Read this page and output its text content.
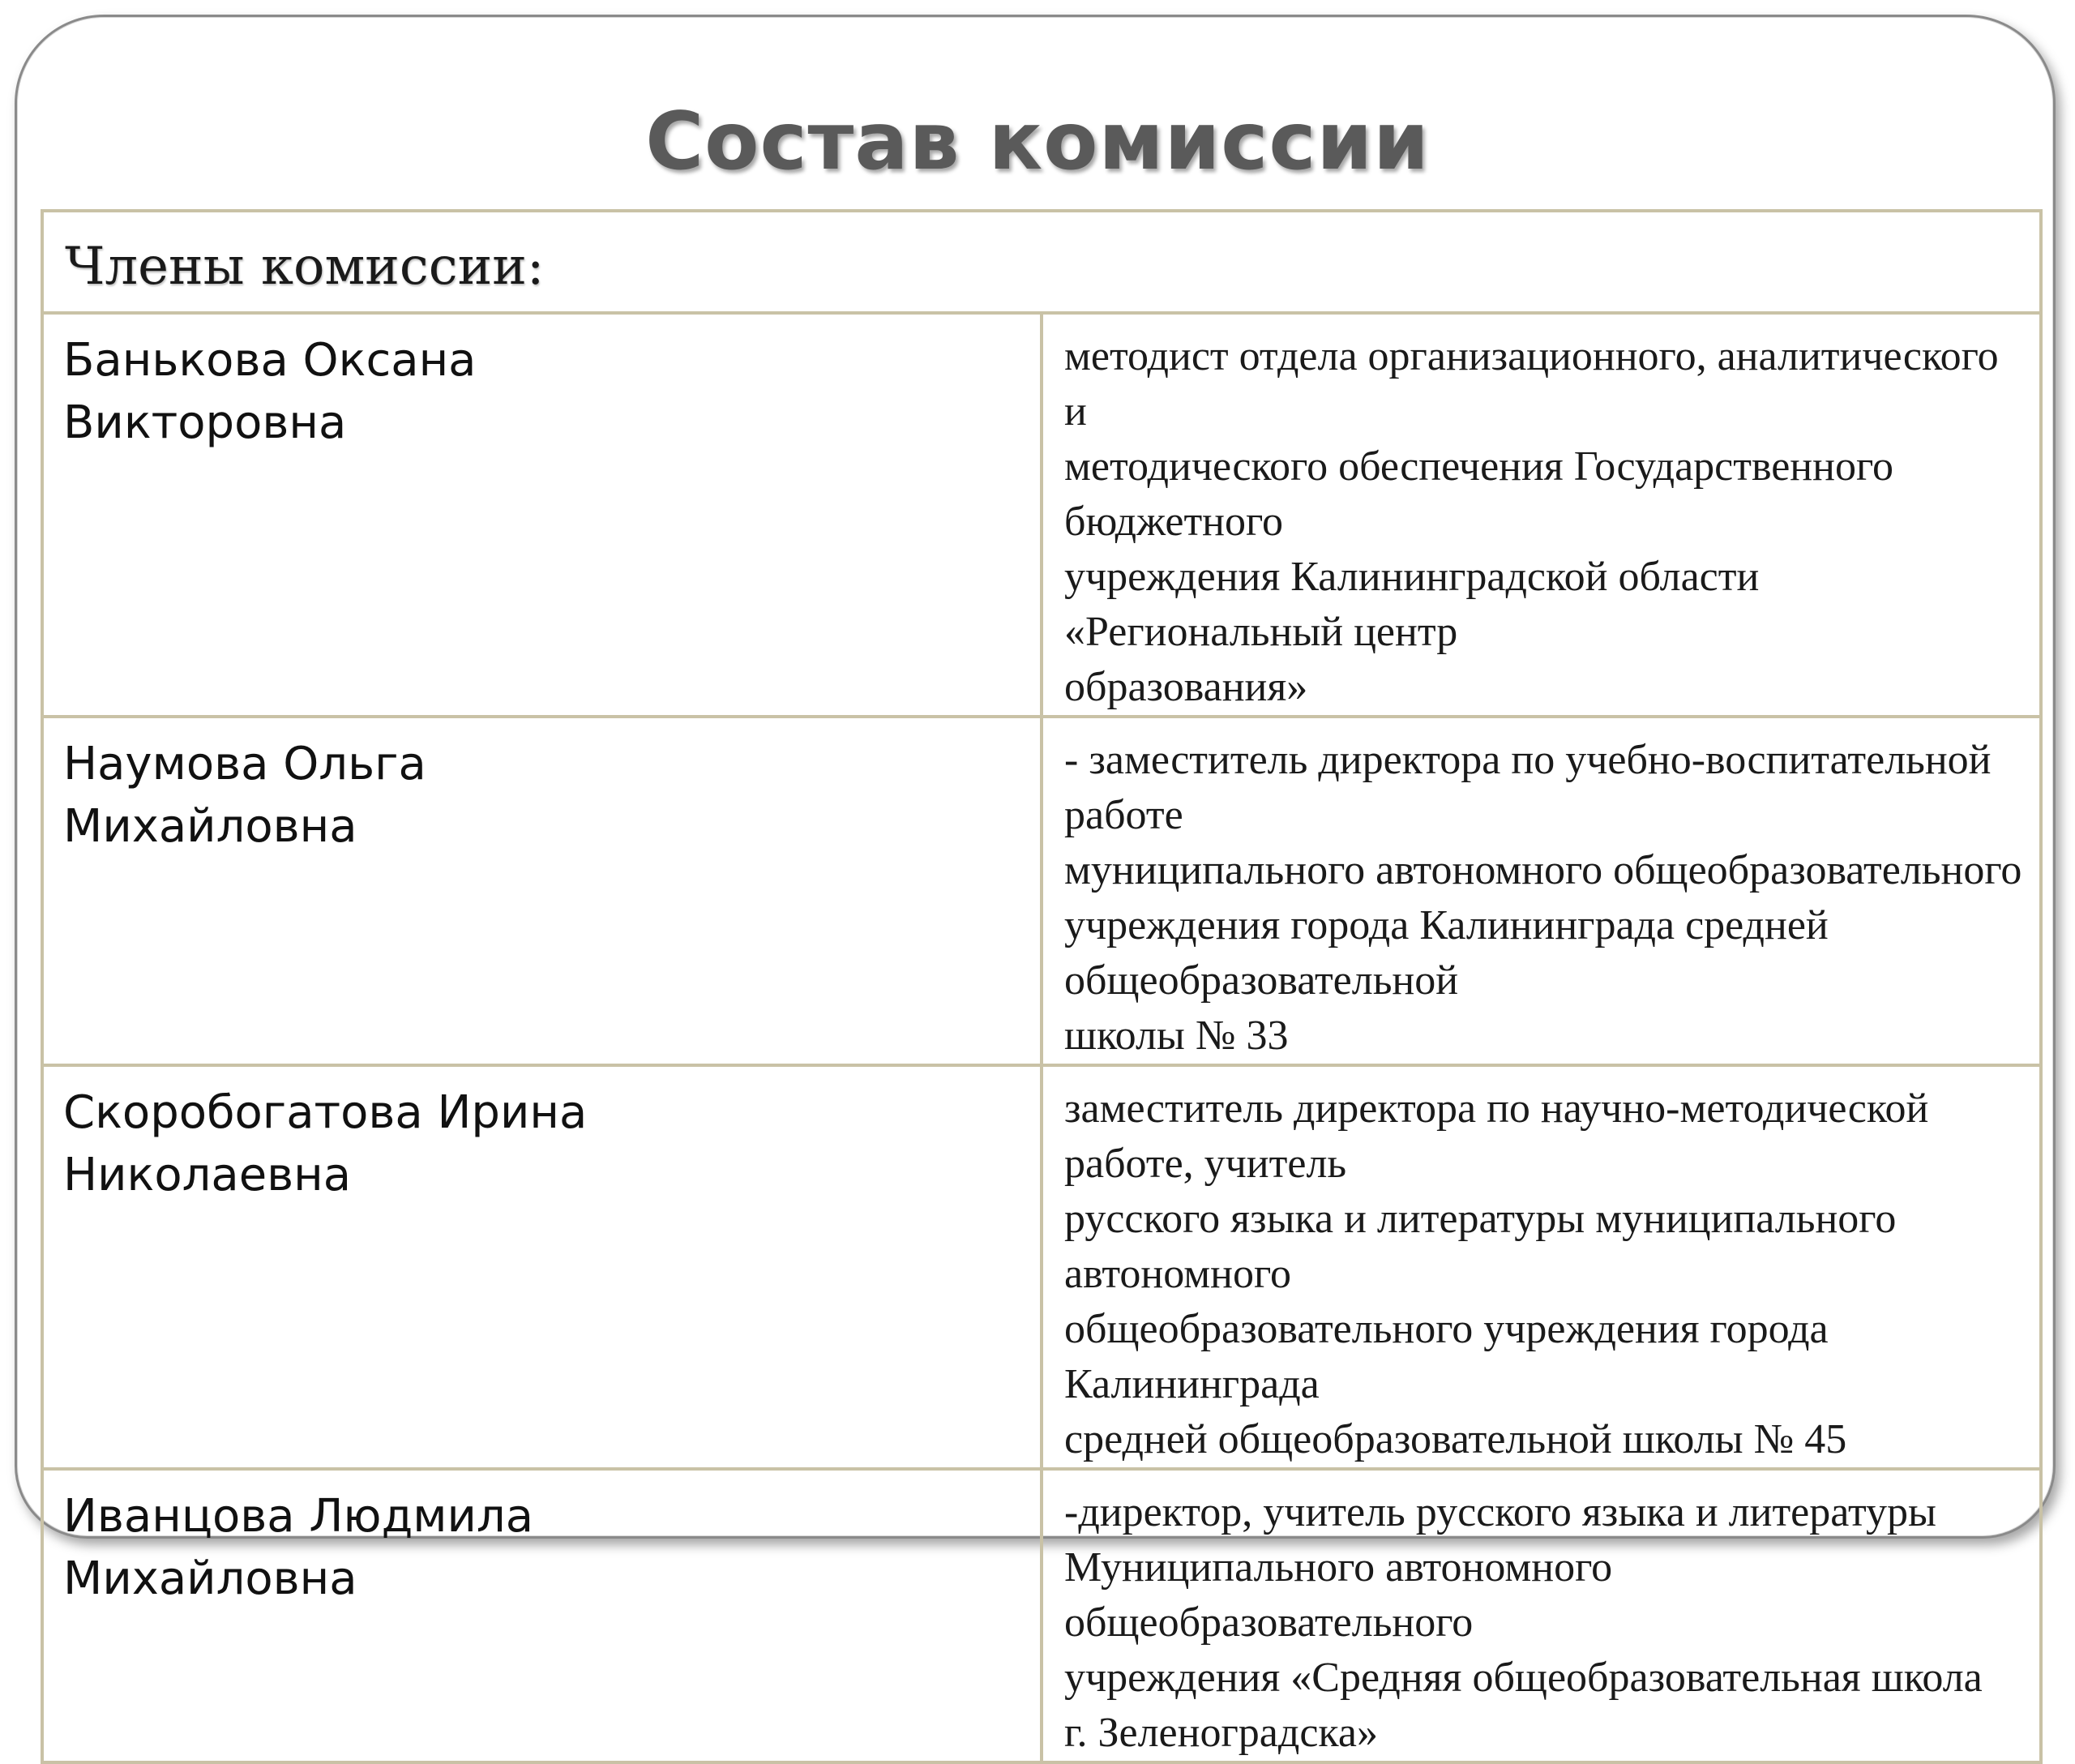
Состав комиссии
Члены комиссии:	
Банькова Оксана
Викторовна	методист отдела организационного, аналитического и
методического обеспечения Государственного бюджетного
учреждения Калининградской области «Региональный центр
образования»
Наумова Ольга
Михайловна	- заместитель директора по учебно-воспитательной работе
муниципального автономного общеобразовательного
учреждения города Калининграда средней общеобразовательной
школы № 33
Скоробогатова Ирина
Николаевна	заместитель директора по научно-методической работе, учитель
русского языка и литературы муниципального автономного
общеобразовательного учреждения города Калининграда
средней общеобразовательной школы № 45
Иванцова Людмила
Михайловна	-директор, учитель русского языка и литературы
Муниципального автономного общеобразовательного
учреждения «Средняя общеобразовательная школа
г. Зеленоградска»
